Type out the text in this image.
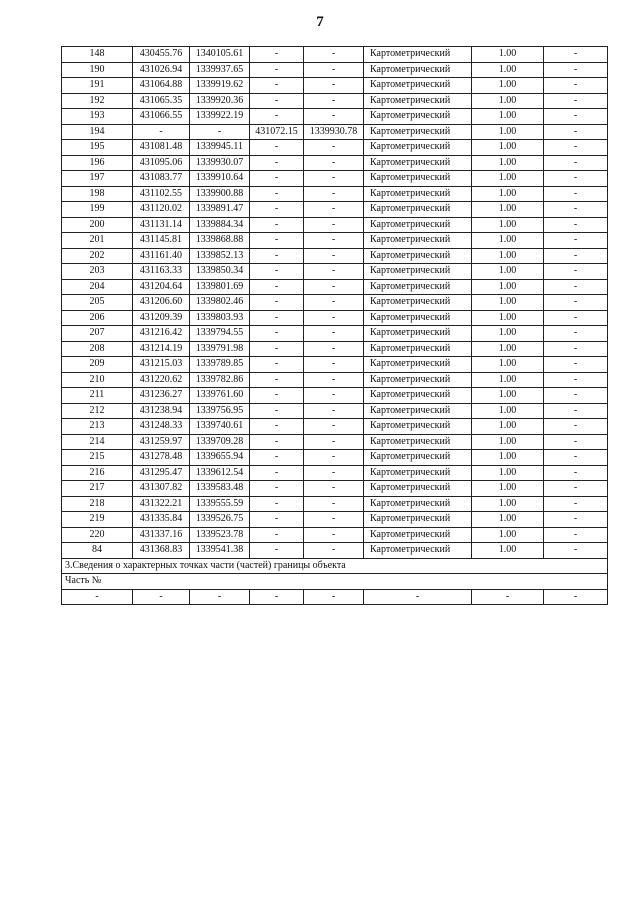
7
148	430455.76	1340105.61	-	-	Картометрический	1.00	-
190	431026.94	1339937.65	-	-	Картометрический	1.00	-
191	431064.88	1339919.62	-	-	Картометрический	1.00	-
192	431065.35	1339920.36	-	-	Картометрический	1.00	-
193	431066.55	1339922.19	-	-	Картометрический	1.00	-
194	-	-	431072.15	1339930.78	Картометрический	1.00	-
195	431081.48	1339945.11	-	-	Картометрический	1.00	-
196	431095.06	1339930.07	-	-	Картометрический	1.00	-
197	431083.77	1339910.64	-	-	Картометрический	1.00	-
198	431102.55	1339900.88	-	-	Картометрический	1.00	-
199	431120.02	1339891.47	-	-	Картометрический	1.00	-
200	431131.14	1339884.34	-	-	Картометрический	1.00	-
201	431145.81	1339868.88	-	-	Картометрический	1.00	-
202	431161.40	1339852.13	-	-	Картометрический	1.00	-
203	431163.33	1339850.34	-	-	Картометрический	1.00	-
204	431204.64	1339801.69	-	-	Картометрический	1.00	-
205	431206.60	1339802.46	-	-	Картометрический	1.00	-
206	431209.39	1339803.93	-	-	Картометрический	1.00	-
207	431216.42	1339794.55	-	-	Картометрический	1.00	-
208	431214.19	1339791.98	-	-	Картометрический	1.00	-
209	431215.03	1339789.85	-	-	Картометрический	1.00	-
210	431220.62	1339782.86	-	-	Картометрический	1.00	-
211	431236.27	1339761.60	-	-	Картометрический	1.00	-
212	431238.94	1339756.95	-	-	Картометрический	1.00	-
213	431248.33	1339740.61	-	-	Картометрический	1.00	-
214	431259.97	1339709.28	-	-	Картометрический	1.00	-
215	431278.48	1339655.94	-	-	Картометрический	1.00	-
216	431295.47	1339612.54	-	-	Картометрический	1.00	-
217	431307.82	1339583.48	-	-	Картометрический	1.00	-
218	431322.21	1339555.59	-	-	Картометрический	1.00	-
219	431335.84	1339526.75	-	-	Картометрический	1.00	-
220	431337.16	1339523.78	-	-	Картометрический	1.00	-
84	431368.83	1339541.38	-	-	Картометрический	1.00	-
3.Сведения о характерных точках части (частей) границы объекта							
Часть №							
-	-	-	-	-	-	-	-
